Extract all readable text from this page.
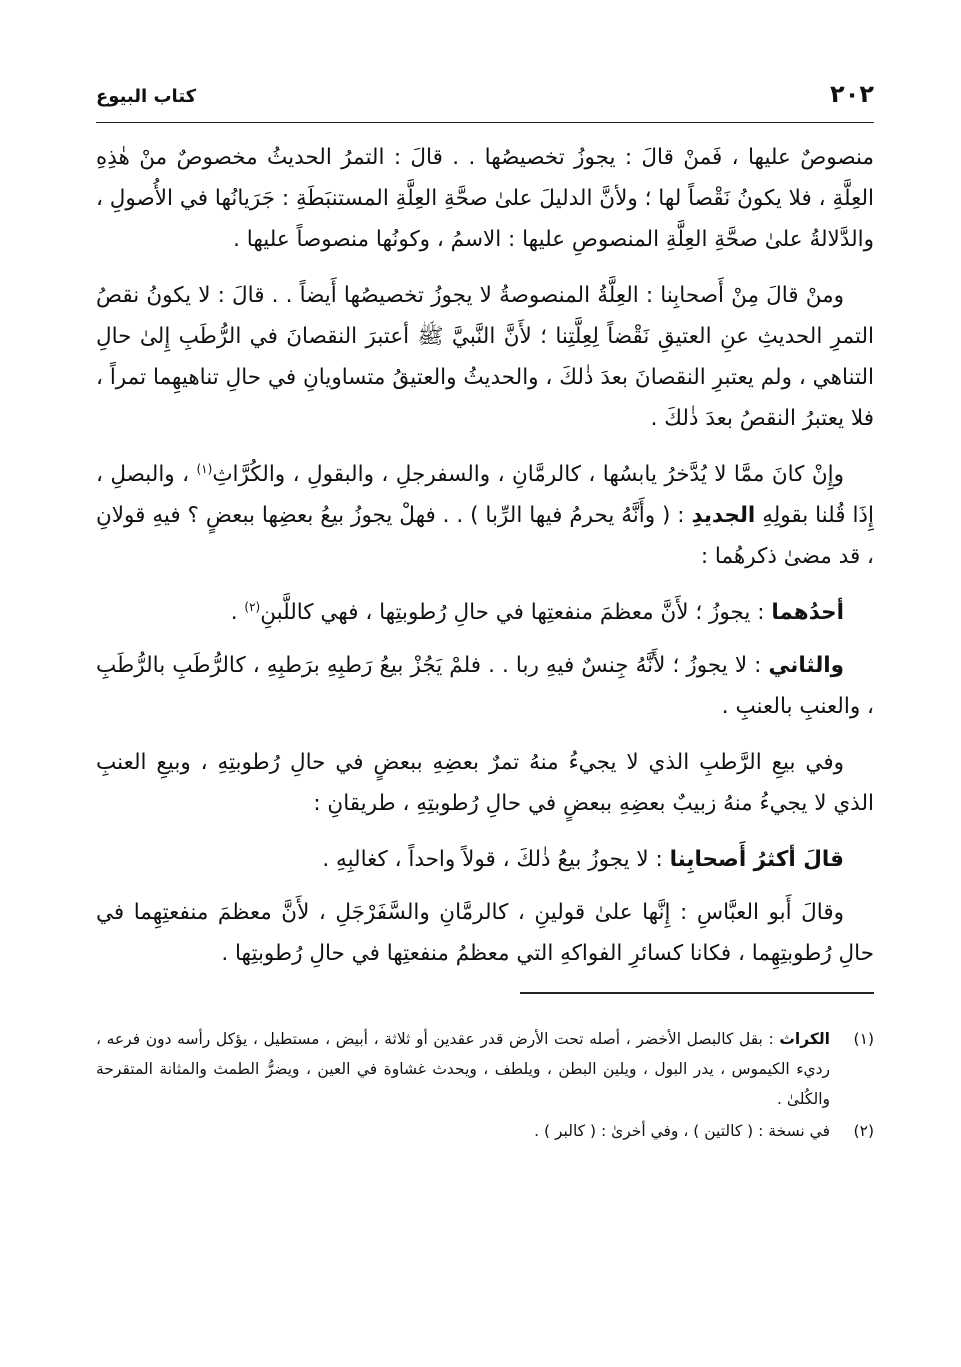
٢٠٢
كتاب البيوع

منصوصٌ عليها ، فَمنْ قالَ : يجوزُ تخصيصُها . . قالَ : التمرُ الحديثُ مخصوصٌ منْ هٰذِهِ العِلَّةِ ، فلا يكونُ نَقْصاً لها ؛ ولأنَّ الدليلَ علىٰ صحَّةِ العِلَّةِ المستنبَطَةِ : جَرَيانُها في الأُصولِ ، والدَّلالةُ علىٰ صحَّةِ العِلَّةِ المنصوصِ عليها : الاسمُ ، وكونُها منصوصاً عليها .

ومنْ قالَ مِنْ أَصحابِنا : العِلَّةُ المنصوصةُ لا يجوزُ تخصيصُها أَيضاً . . قالَ : لا يكونُ نقصُ التمرِ الحديثِ عنِ العتيقِ نَقْضاً لِعِلَّتِنا ؛ لأَنَّ النَّبيَّ ﷺ أعتبرَ النقصانَ في الرُّطَبِ إِلىٰ حالِ التناهي ، ولم يعتبرِ النقصانَ بعدَ ذٰلكَ ، والحديثُ والعتيقُ متساويانِ في حالِ تناهيهِما تمراً ، فلا يعتبرُ النقصُ بعدَ ذٰلكَ .

وإِنْ كانَ ممَّا لا يُدَّخرُ يابسُها ، كالرمَّانِ ، والسفرجلِ ، والبقولِ ، والكُرَّاثِ$^{(١)}$ ، والبصلِ ، إِذَا قُلنا بقولِهِ الجديدِ : ( وأَنَّهُ يحرمُ فيها الرِّبا ) . . فهلْ يجوزُ بيعُ بعضِها ببعضٍ ؟ فيهِ قولانِ ، قد مضىٰ ذكرهُما :

أحدُهما : يجوزُ ؛ لأَنَّ معظمَ منفعتِها في حالِ رُطوبتِها ، فهي كاللَّبنِ$^{(٢)}$ .

والثاني : لا يجوزُ ؛ لأَنَّهُ جِنسٌ فيهِ ربا . . فلمْ يَجُزْ بيعُ رَطبِهِ برَطبِهِ ، كالرُّطَبِ بالرُّطَبِ ، والعنبِ بالعنبِ .

وفي بيعِ الرَّطبِ الذي لا يجيءُ منهُ تمرٌ بعضِهِ ببعضٍ في حالِ رُطوبتِهِ ، وبيعِ العنبِ الذي لا يجيءُ منهُ زبيبٌ بعضِهِ ببعضٍ في حالِ رُطوبتِهِ ، طريقانِ :

قالَ أكثرُ أَصحابِنا : لا يجوزُ بيعُ ذٰلكَ ، قولاً واحداً ، كغالبِهِ .

وقالَ أَبو العبَّاسِ : إِنَّها علىٰ قولينِ ، كالرمَّانِ والسَّفَرْجَلِ ، لأَنَّ معظمَ منفعتِهِما في حالِ رُطوبتِهِما ، فكانا كسائرِ الفواكهِ التي معظمُ منفعتِها في حالِ رُطوبتِها .

(١)
الكراث : بقل كالبصل الأخضر ، أصله تحت الأرض قدر عقدين أو ثلاثة ، أبيض ، مستطيل ، يؤكل رأسه دون فرعه ، رديء الكيموس ، يدر البول ، ويلين البطن ، ويلطف ، ويحدث غشاوة في العين ، ويضرُّ الطمث والمثانة المتقرحة والكُلىٰ .
(٢)
في نسخة : ( كالتين ) ، وفي أخرىٰ : ( كالبر ) .
